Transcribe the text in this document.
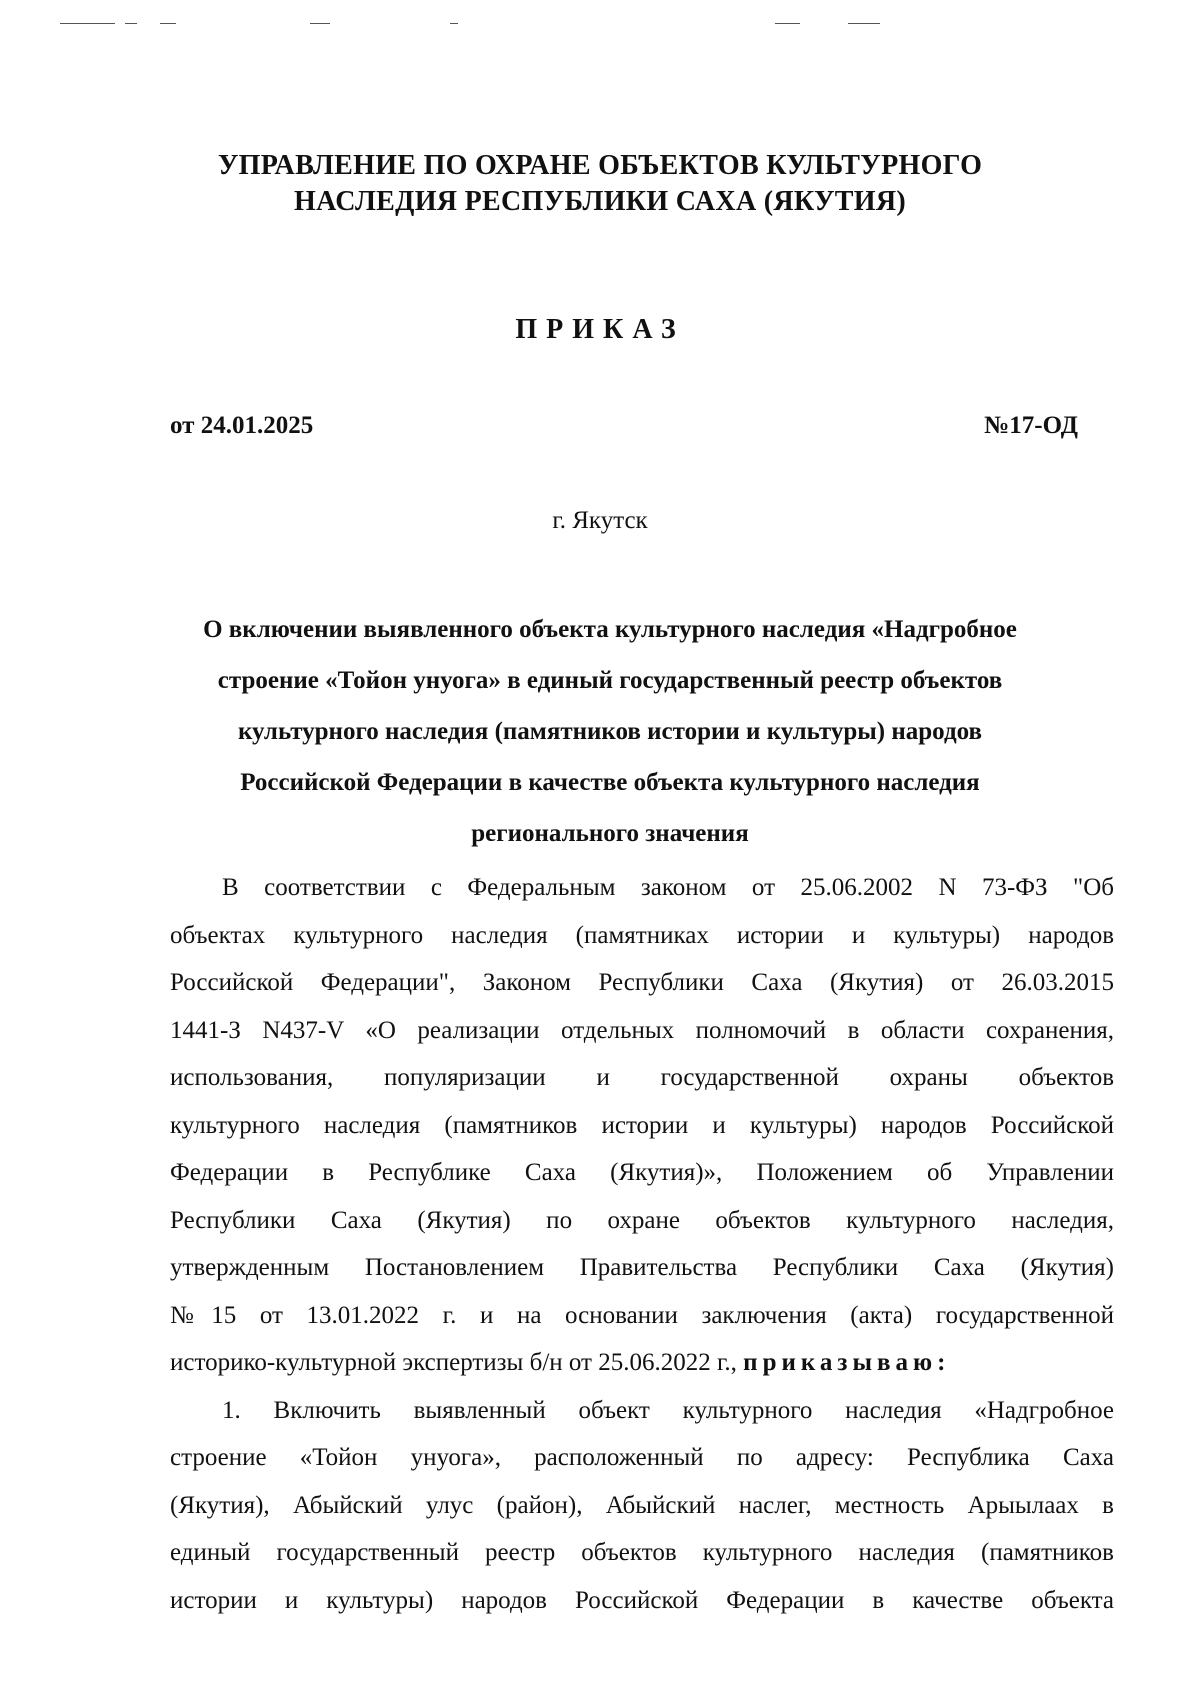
УПРАВЛЕНИЕ ПО ОХРАНЕ ОБЪЕКТОВ КУЛЬТУРНОГО
НАСЛЕДИЯ РЕСПУБЛИКИ САХА (ЯКУТИЯ)
ПРИКАЗ
от 24.01.2025	№17-ОД
г. Якутск
О включении выявленного объекта культурного наследия «Надгробное
строение «Тойон унуога» в единый государственный реестр объектов
культурного наследия (памятников истории и культуры) народов
Российской Федерации в качестве объекта культурного наследия
регионального значения
В соответствии с Федеральным законом от 25.06.2002 N 73-ФЗ "Об
объектах культурного наследия (памятниках истории и культуры) народов
Российской Федерации", Законом Республики Саха (Якутия) от 26.03.2015
1441-З N437-V «О реализации отдельных полномочий в области сохранения,
использования, популяризации и государственной охраны объектов
культурного наследия (памятников истории и культуры) народов Российской
Федерации в Республике Саха (Якутия)», Положением об Управлении
Республики Саха (Якутия) по охране объектов культурного наследия,
утвержденным Постановлением Правительства Республики Саха (Якутия)
№15 от 13.01.2022 г. и на основании заключения (акта) государственной
историко-культурной экспертизы б/н от 25.06.2022 г., приказываю:
1. Включить выявленный объект культурного наследия «Надгробное
строение «Тойон унуога», расположенный по адресу: Республика Саха
(Якутия), Абыйский улус (район), Абыйский наслег, местность Арыылаах в
единый государственный реестр объектов культурного наследия (памятников
истории и культуры) народов Российской Федерации в качестве объекта
